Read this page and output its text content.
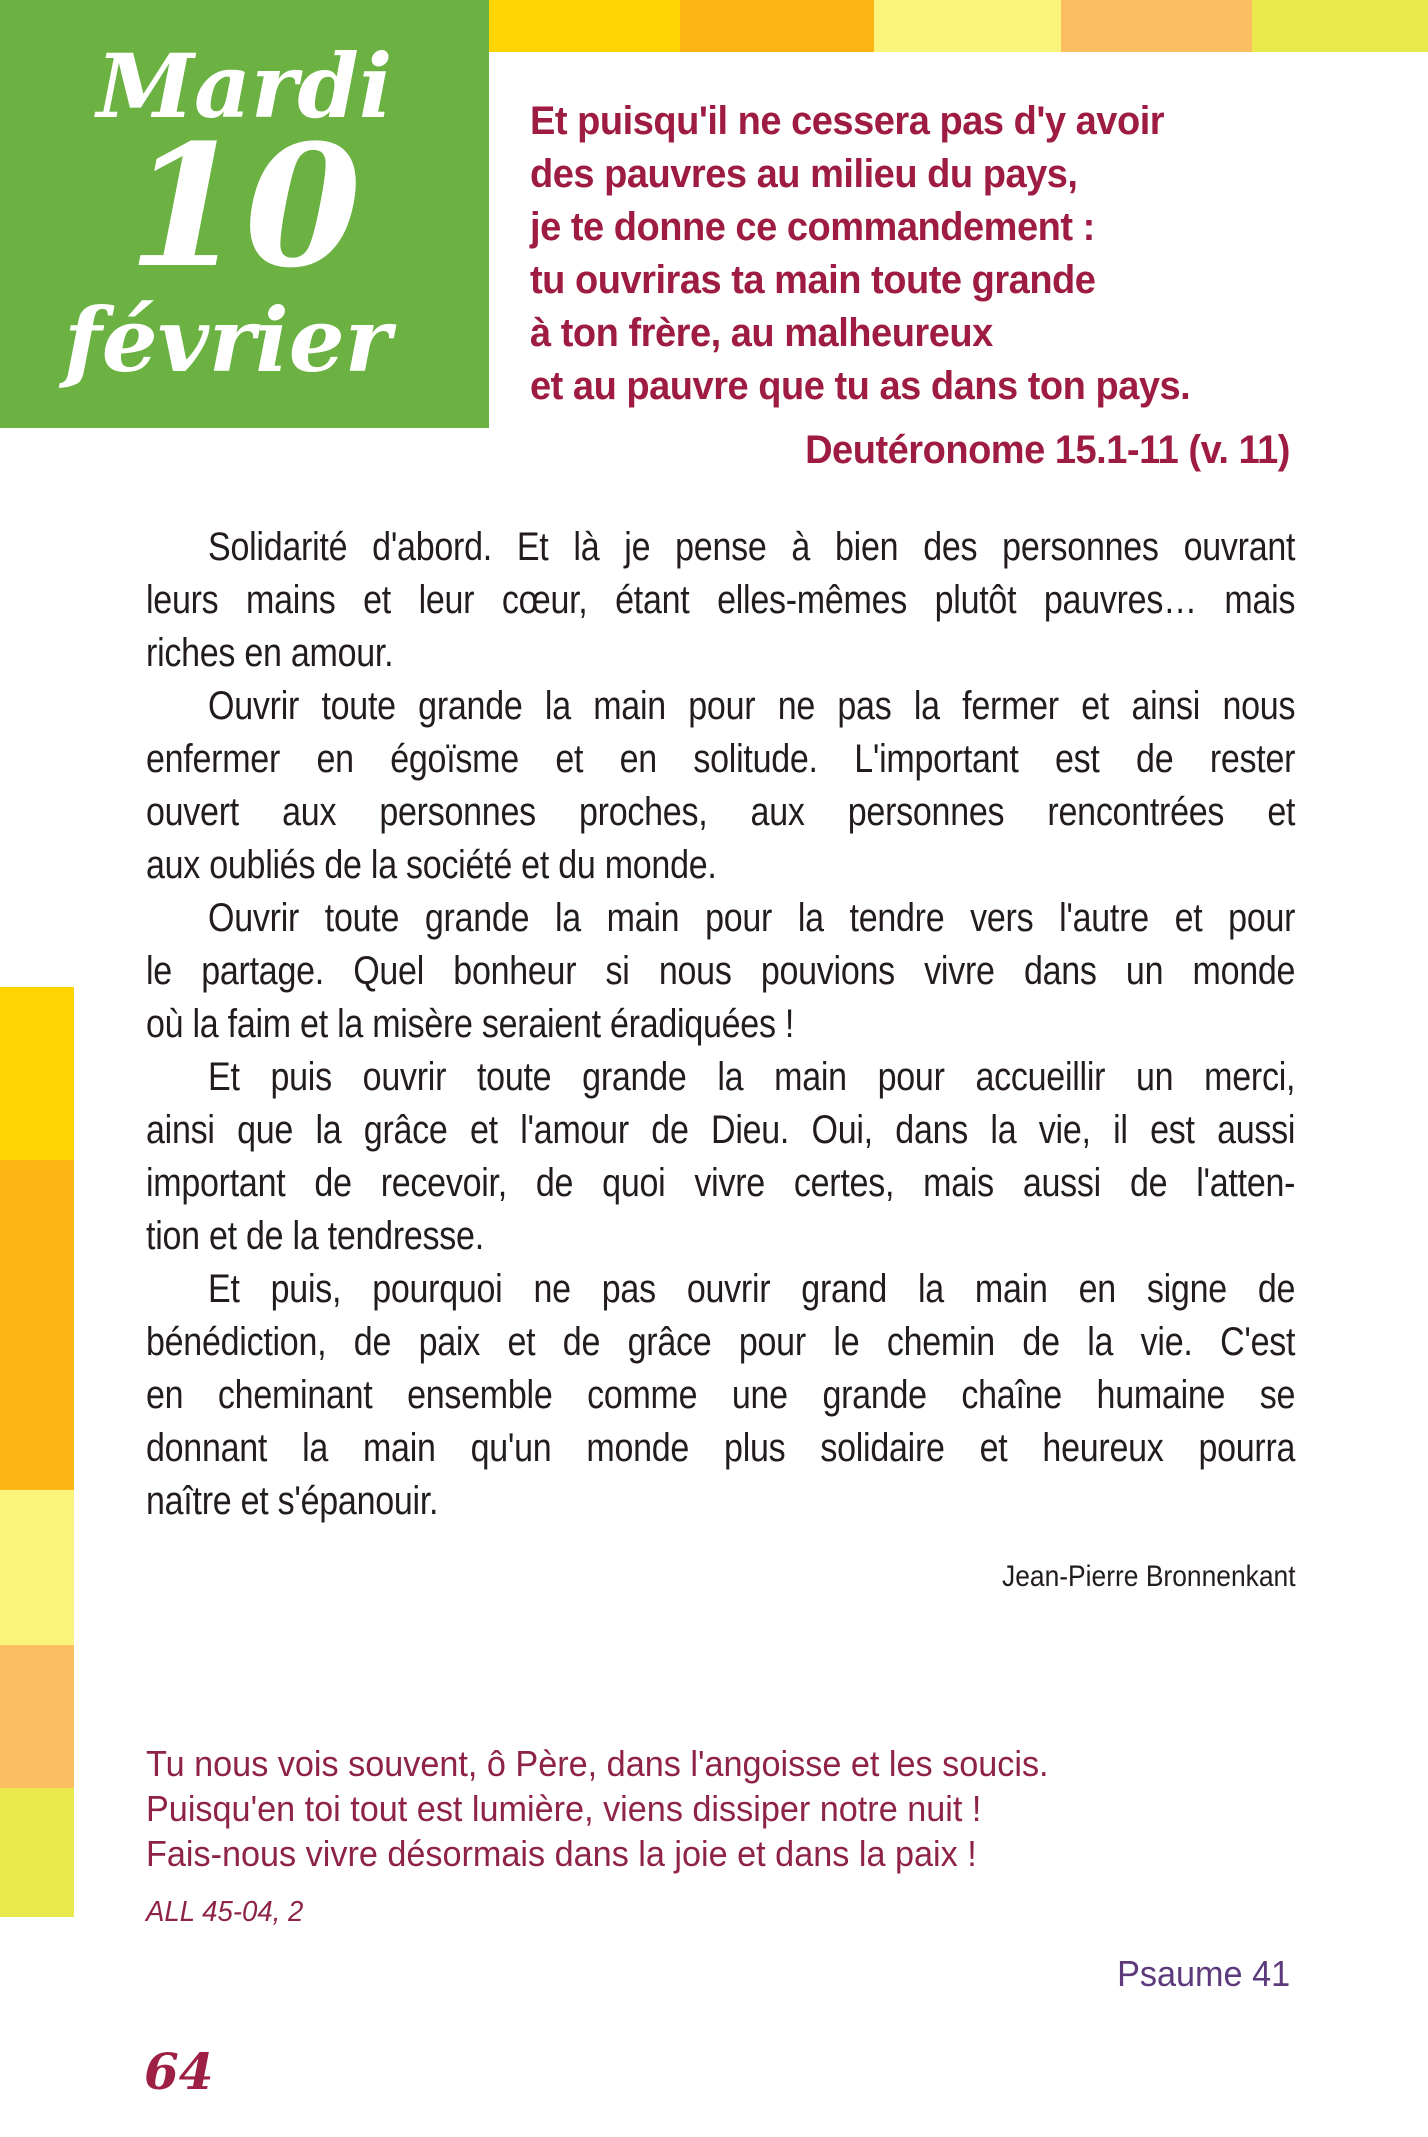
Mardi
10
février
Et puisqu'il ne cessera pas d'y avoir
des pauvres au milieu du pays,
je te donne ce commandement :
tu ouvriras ta main toute grande
à ton frère, au malheureux
et au pauvre que tu as dans ton pays.
Deutéronome 15.1-11 (v. 11)

Solidarité d'abord. Et là je pense à bien des personnes ouvrant
leurs mains et leur cœur, étant elles-mêmes plutôt pauvres… mais
riches en amour.

Ouvrir toute grande la main pour ne pas la fermer et ainsi nous
enfermer en égoïsme et en solitude. L'important est de rester
ouvert aux personnes proches, aux personnes rencontrées et
aux oubliés de la société et du monde.

Ouvrir toute grande la main pour la tendre vers l'autre et pour
le partage. Quel bonheur si nous pouvions vivre dans un monde
où la faim et la misère seraient éradiquées !

Et puis ouvrir toute grande la main pour accueillir un merci,
ainsi que la grâce et l'amour de Dieu. Oui, dans la vie, il est aussi
important de recevoir, de quoi vivre certes, mais aussi de l'atten-
tion et de la tendresse.

Et puis, pourquoi ne pas ouvrir grand la main en signe de
bénédiction, de paix et de grâce pour le chemin de la vie. C'est
en cheminant ensemble comme une grande chaîne humaine se
donnant la main qu'un monde plus solidaire et heureux pourra
naître et s'épanouir.

Jean-Pierre Bronnenkant
Tu nous vois souvent, ô Père, dans l'angoisse et les soucis.
Puisqu'en toi tout est lumière, viens dissiper notre nuit !
Fais-nous vivre désormais dans la joie et dans la paix !
ALL 45-04, 2
Psaume 41
64
